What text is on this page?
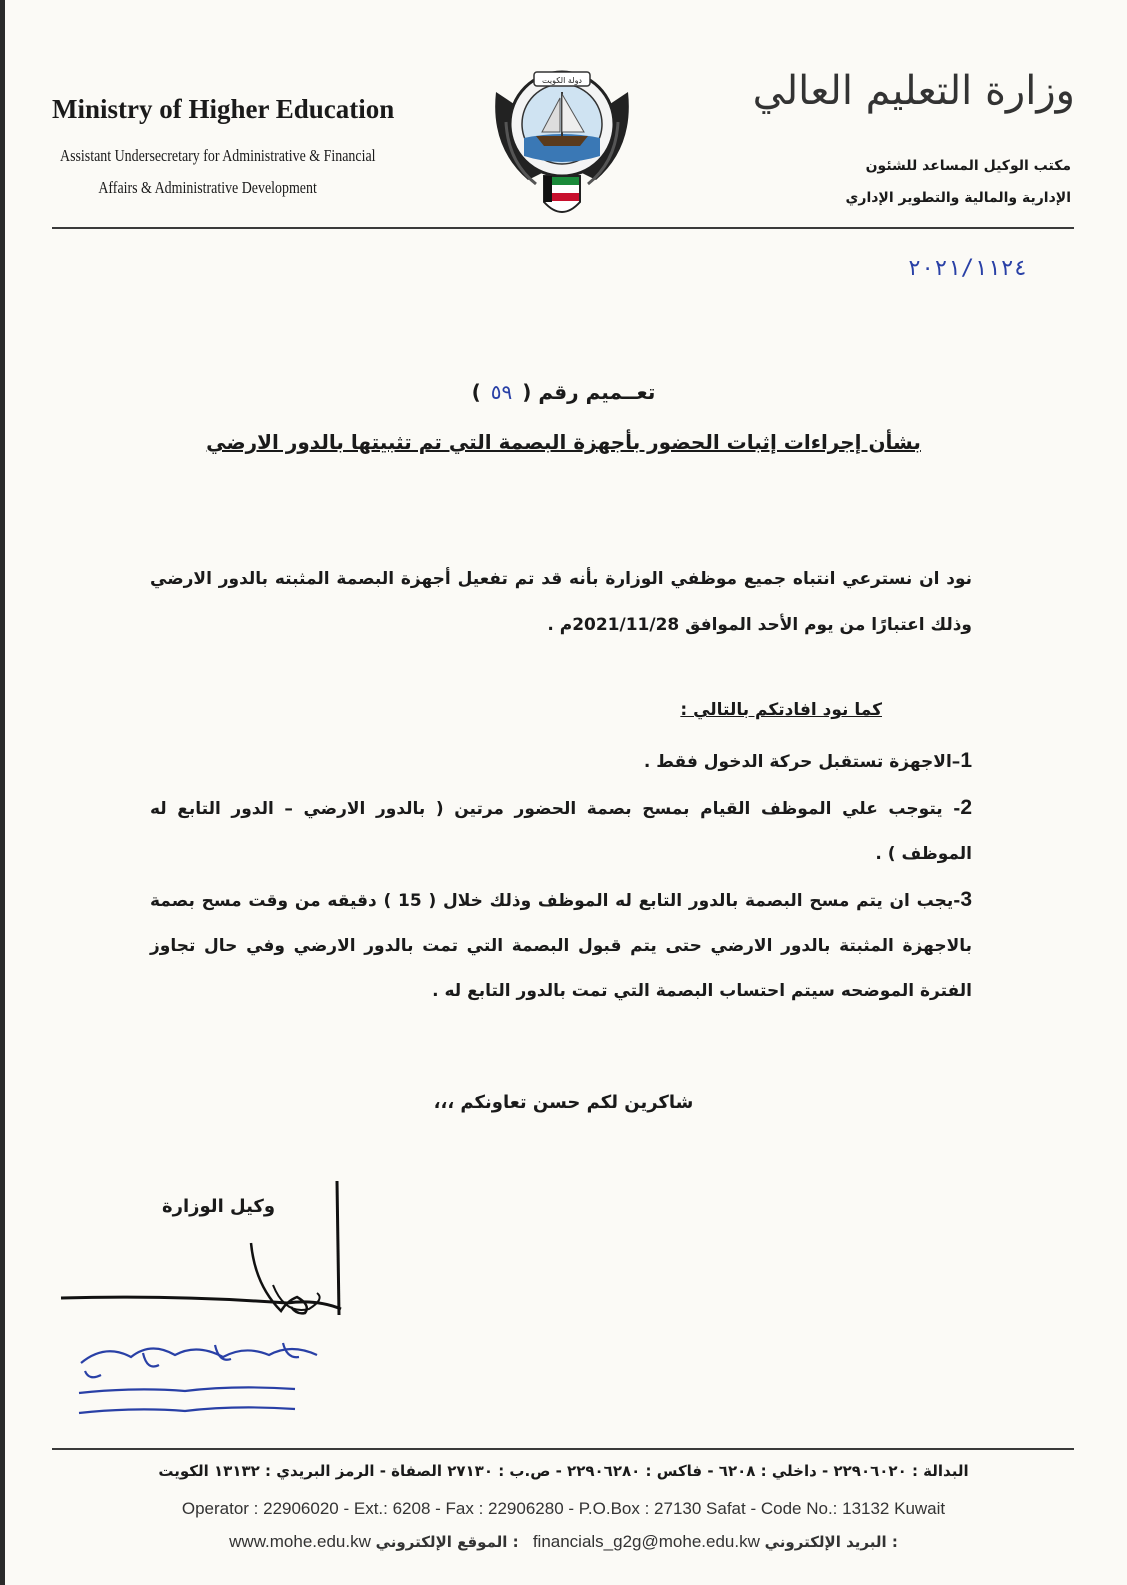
Ministry of Higher Education
Assistant Undersecretary for Administrative & Financial
Affairs & Administrative Development
دولة الكويت	وزارة التعليم العالي
مكتب الوكيل المساعد للشئون
الإدارية والمالية والتطوير الإداري
٢٠٢١/١١٢٤
تعــميم رقم (٥٩)
بشأن إجراءات إثبات الحضور بأجهزة البصمة التي تم تثبيتها بالدور الارضي

نود ان نسترعي انتباه جميع موظفي الوزارة بأنه قد تم تفعيل أجهزة البصمة المثبته بالدور الارضي وذلك اعتبارًا من يوم الأحد الموافق 2021/11/28م .

كما نود افادتكم بالتالي :
1–الاجهزة تستقبل حركة الدخول فقط .
2- يتوجب علي الموظف القيام بمسح بصمة الحضور مرتين ( بالدور الارضي – الدور التابع له الموظف ) .
3-يجب ان يتم مسح البصمة بالدور التابع له الموظف وذلك خلال ( 15 ) دقيقه من وقت مسح بصمة بالاجهزة المثبتة بالدور الارضي حتى يتم قبول البصمة التي تمت بالدور الارضي وفي حال تجاوز الفترة الموضحه سيتم احتساب البصمة التي تمت بالدور التابع له .
شاكرين لكم حسن تعاونكم ،،،
وكيل الوزارة
البدالة : ٢٢٩٠٦٠٢٠ - داخلي : ٦٢٠٨ - فاكس : ٢٢٩٠٦٢٨٠ - ص.ب : ٢٧١٣٠ الصفاة - الرمز البريدي : ١٣١٣٢ الكويت
Operator : 22906020 - Ext.: 6208 - Fax : 22906280 - P.O.Box : 27130 Safat - Code No.: 13132 Kuwait
www.mohe.edu.kw الموقع الإلكتروني : financials_g2g@mohe.edu.kw البريد الإلكتروني :
